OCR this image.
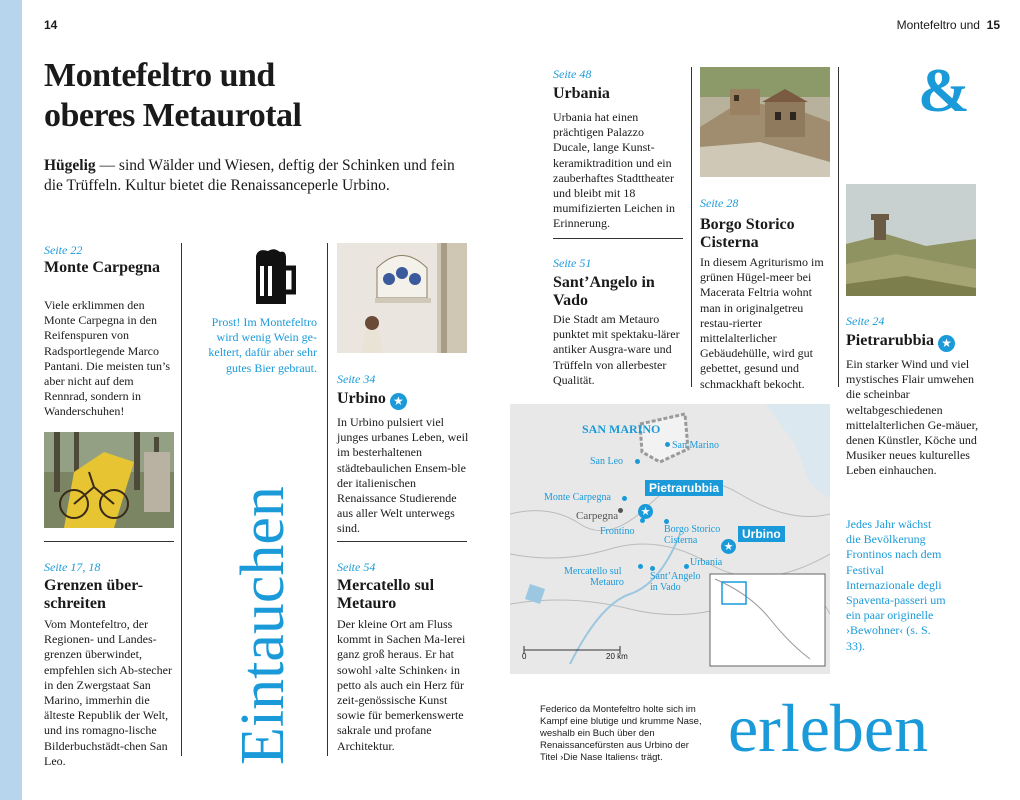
14	Montefeltro und 15
Montefeltro und
oberes Metaurotal
Hügelig — sind Wälder und Wiesen, deftig der Schinken und fein die Trüffeln. Kultur bietet die Renaissanceperle Urbino.
Seite 22
Monte Carpegna
Viele erklimmen den Monte Carpegna in den Reifenspuren von Radsportlegende Marco Pantani. Die meisten tun’s aber nicht auf dem Rennrad, sondern in Wanderschuhen!
Seite 17, 18
Grenzen über-schreiten
Vom Montefeltro, der Regionen- und Landes-grenzen überwindet, empfehlen sich Ab-stecher in den Zwergstaat San Marino, immerhin die älteste Republik der Welt, und ins romagno-lische Bilderbuchstädt-chen San Leo.
Prost! Im Montefeltro wird wenig Wein ge-keltert, dafür aber sehr gutes Bier gebraut.
Eintauchen
Seite 34
Urbino ★
In Urbino pulsiert viel junges urbanes Leben, weil im besterhaltenen städtebaulichen Ensem-ble der italienischen Renaissance Studierende aus aller Welt unterwegs sind.
Seite 54
Mercatello sul Metauro
Der kleine Ort am Fluss kommt in Sachen Ma-lerei ganz groß heraus. Er hat sowohl ›alte Schinken‹ in petto als auch ein Herz für zeit-genössische Kunst sowie für bemerkenswerte sakrale und profane Architektur.
Seite 48
Urbania
Urbania hat einen prächtigen Palazzo Ducale, lange Kunst-keramiktradition und ein zauberhaftes Stadttheater und bleibt mit 18 mumifizierten Leichen in Erinnerung.
Seite 51
Sant’Angelo in Vado
Die Stadt am Metauro punktet mit spektaku-lärer antiker Ausgra-ware und Trüffeln von allerbester Qualität.
Seite 28
Borgo Storico Cisterna
In diesem Agriturismo im grünen Hügel-meer bei Macerata Feltria wohnt man in originalgetreu restau-rierter mittelalterlicher Gebäudehülle, wird gut gebettet, gesund und schmackhaft bekocht.
&
Seite 24
Pietrarubbia ★
Ein starker Wind und viel mystisches Flair umwehen die scheinbar weltabgeschiedenen mittelalterlichen Ge-mäuer, denen Künstler, Köche und Musiker neues kulturelles Leben einhauchen.
Jedes Jahr wächst die Bevölkerung Frontinos nach dem Festival Internazionale degli Spaventa-passeri um ein paar originelle ›Bewohner‹ (s. S. 33).
SAN MARINO
San Marino
San Leo
Monte Carpegna
Carpegna
Frontino
Pietrarubbia
★
Borgo Storico
Cisterna	Urbino
★
Urbania
Mercatello sul
Metauro
Sant’Angelo
in Vado
0	20 km
Federico da Montefeltro holte sich im Kampf eine blutige und krumme Nase, weshalb ein Buch über den Renaissancefürsten aus Urbino der Titel ›Die Nase Italiens‹ trägt. erleben
